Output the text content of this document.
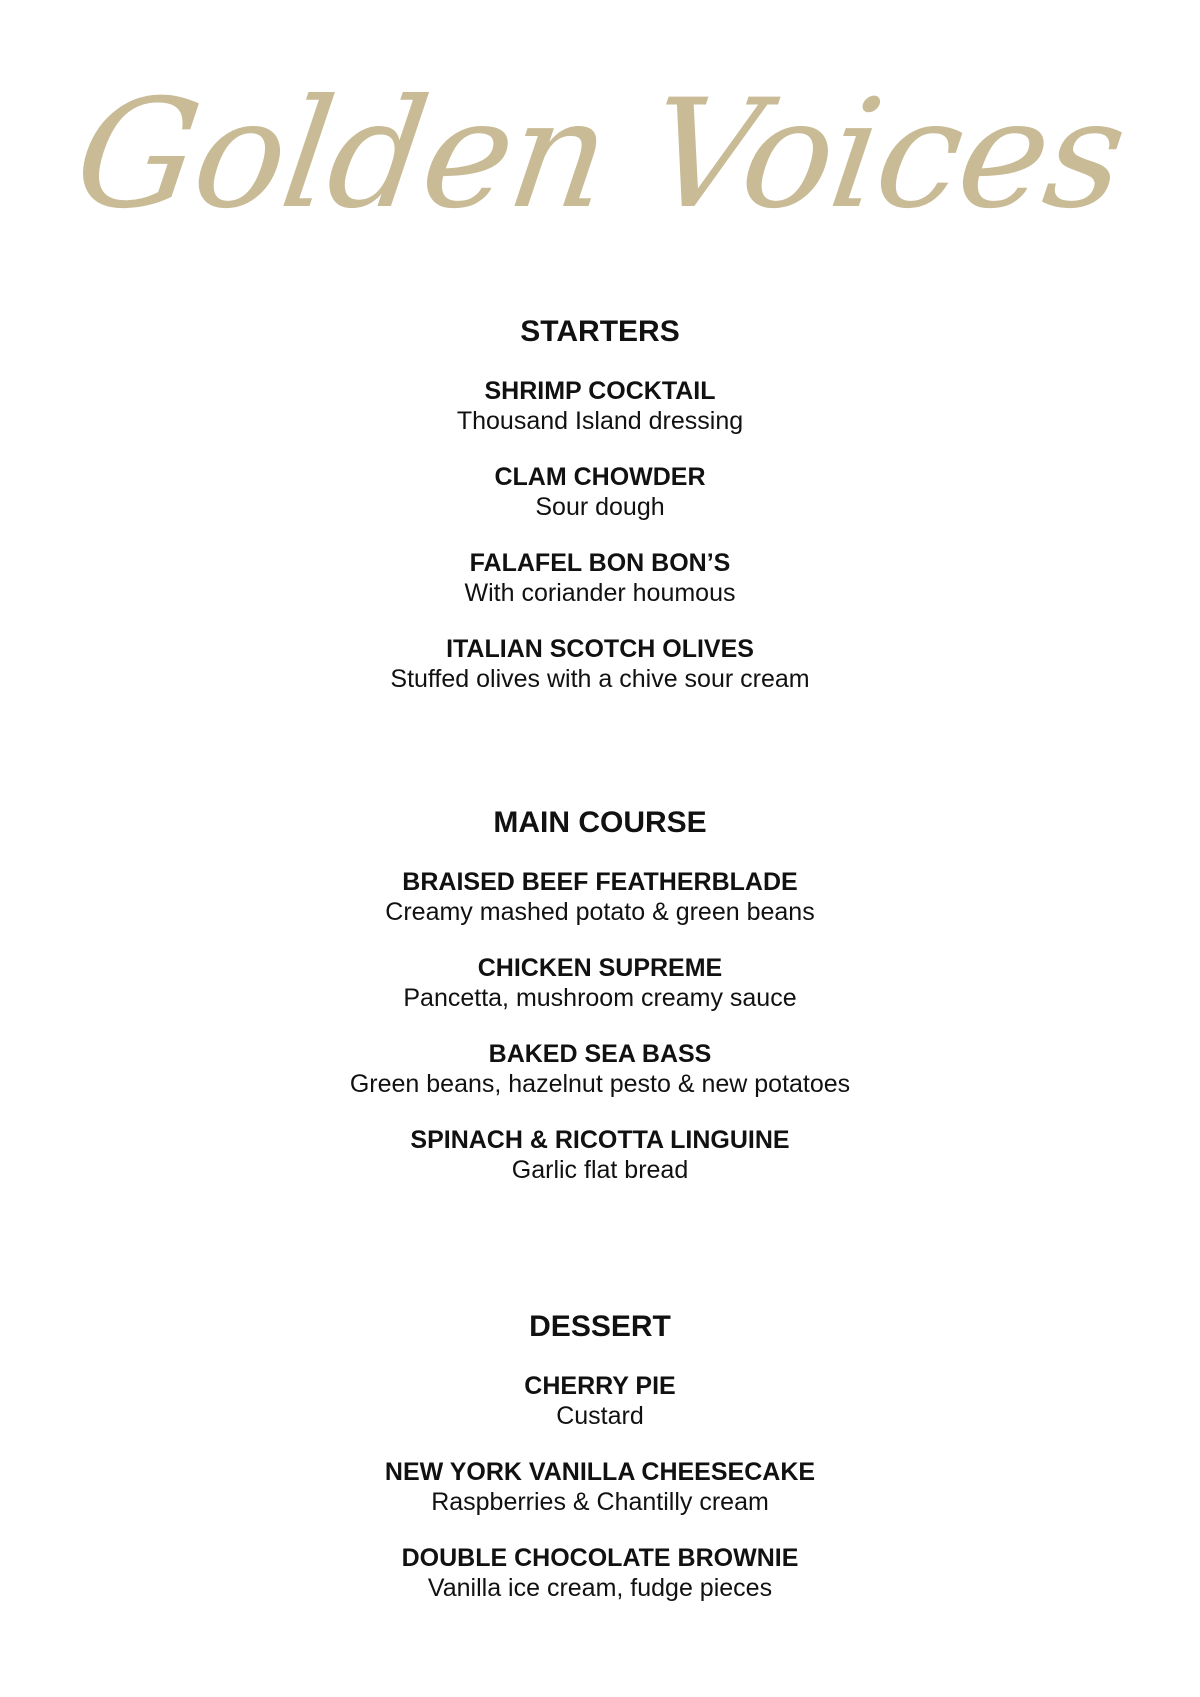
Golden Voices
STARTERS
SHRIMP COCKTAIL
Thousand Island dressing
CLAM CHOWDER
Sour dough
FALAFEL BON BON’S
With coriander houmous
ITALIAN SCOTCH OLIVES
Stuffed olives with a chive sour cream
MAIN COURSE
BRAISED BEEF FEATHERBLADE
Creamy mashed potato & green beans
CHICKEN SUPREME
Pancetta, mushroom creamy sauce
BAKED SEA BASS
Green beans, hazelnut pesto & new potatoes
SPINACH & RICOTTA LINGUINE
Garlic flat bread
DESSERT
CHERRY PIE
Custard
NEW YORK VANILLA CHEESECAKE
Raspberries & Chantilly cream
DOUBLE CHOCOLATE BROWNIE
Vanilla ice cream, fudge pieces
